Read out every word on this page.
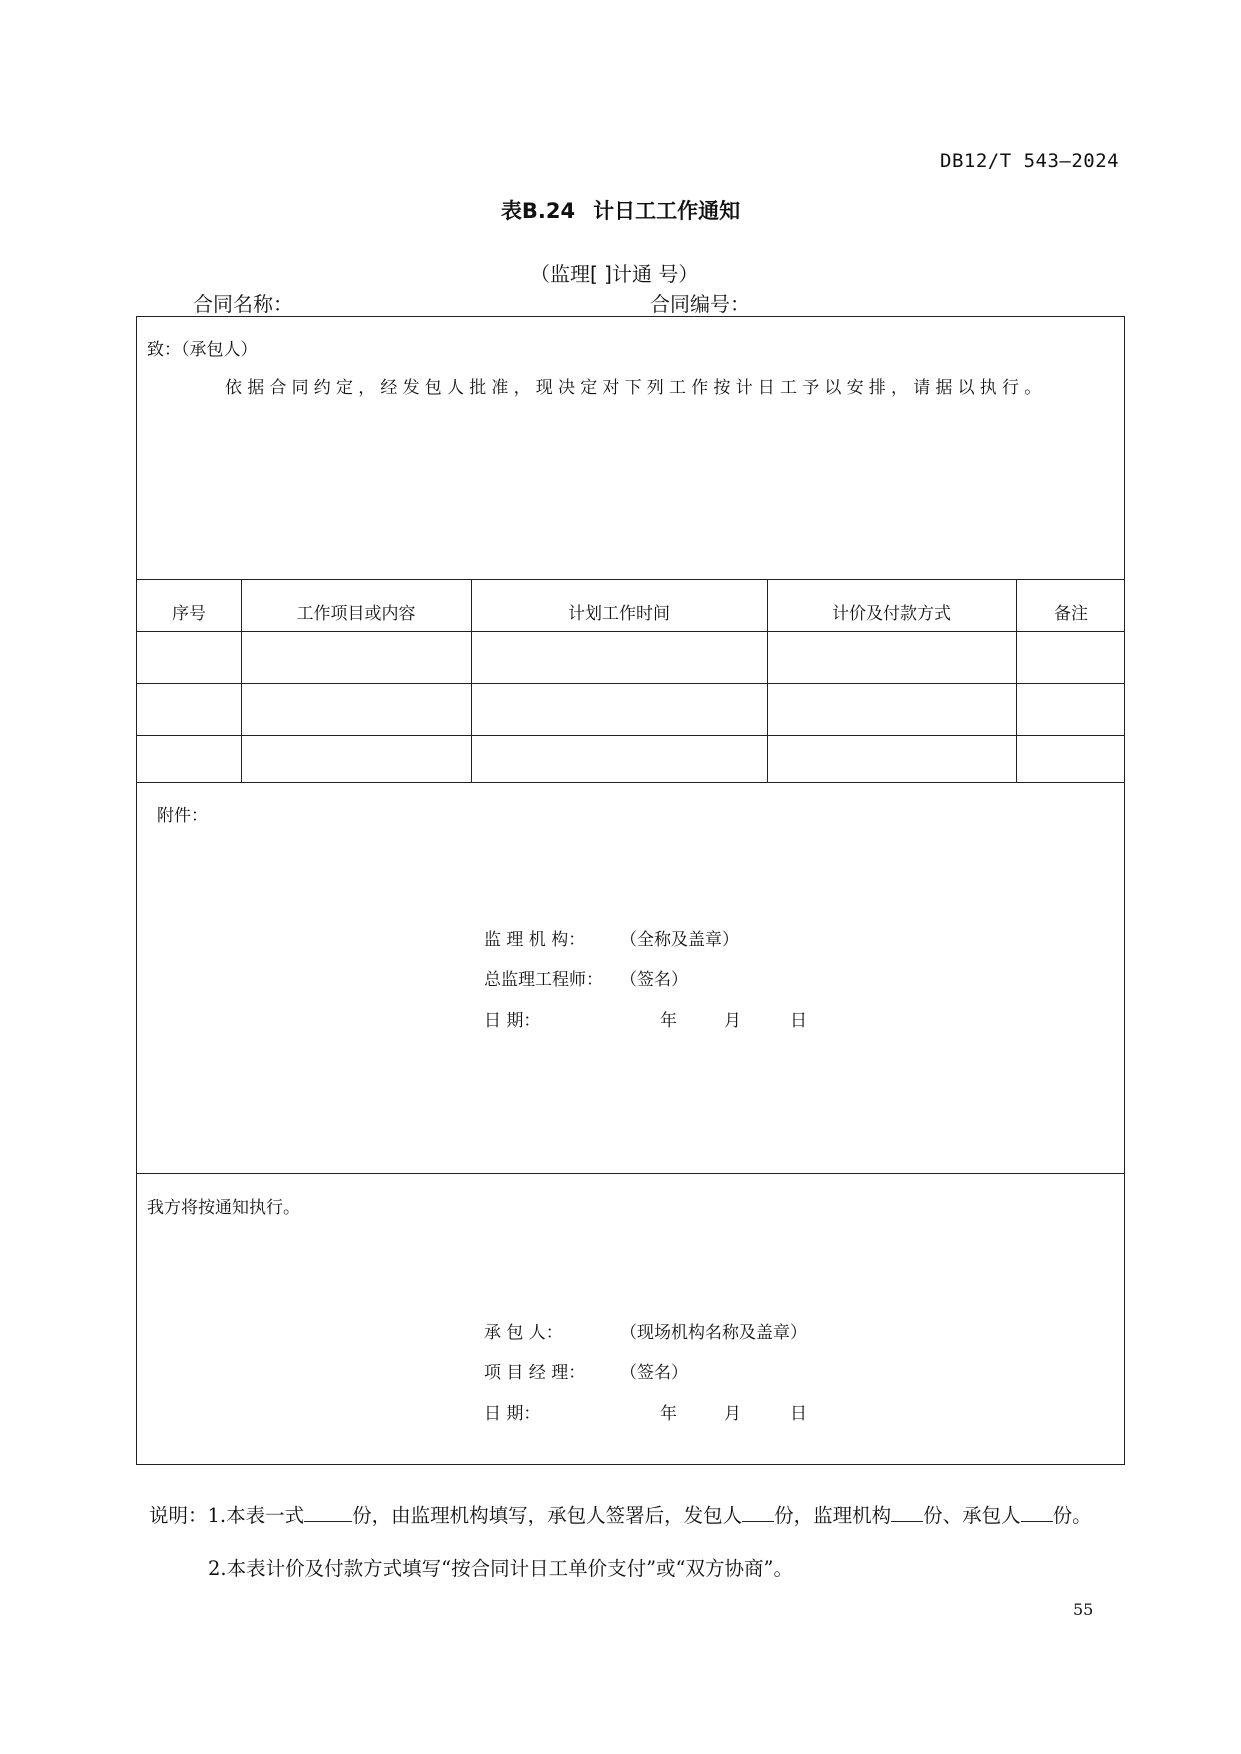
DB12/T 543—2024
表B.24 计日工工作通知
（监理[ ]计通 号）
合同名称：	合同编号：
致：（承包人）
依据合同约定，经发包人批准，现决定对下列工作按计日工予以安排，请据以执行。
序号	工作项目或内容	计划工作时间	计价及付款方式	备注
附件：
监 理 机 构： （全称及盖章）
总监理工程师： （签名）
日 期：	年	月	日
我方将按通知执行。
承 包 人：	（现场机构名称及盖章）
项 目 经 理： （签名）
日 期：	年	月	日
说明：1.本表一式 份，由监理机构填写，承包人签署后，发包人 份，监理机构 份、承包人 份。
2.本表计价及付款方式填写“按合同计日工单价支付”或“双方协商”。
55
